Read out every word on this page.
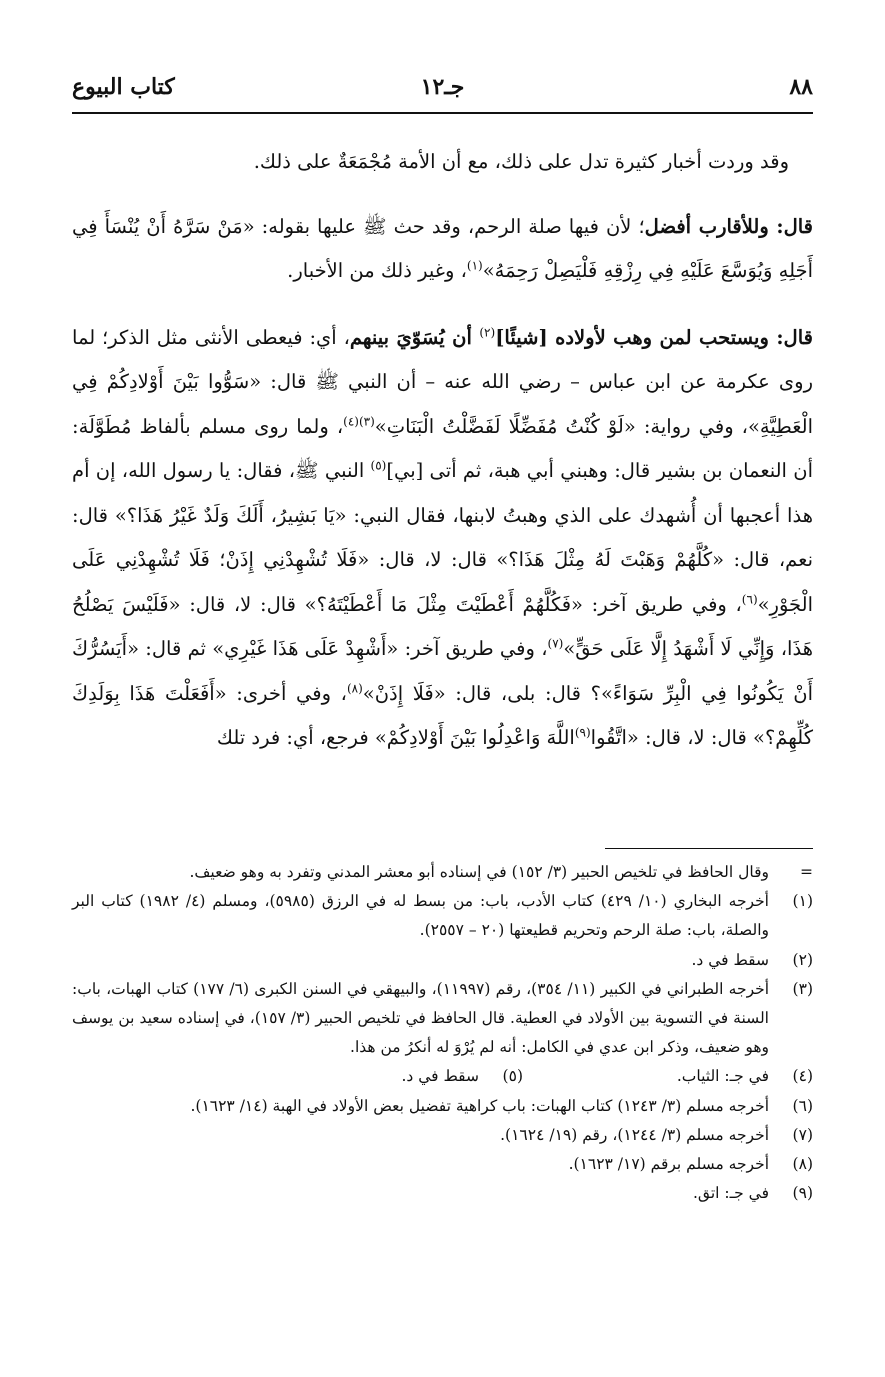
٨٨
جـ١٢
كتاب البيوع

وقد وردت أخبار كثيرة تدل على ذلك، مع أن الأمة مُجْمَعَةٌ على ذلك.

قال: وللأقارب أفضل؛ لأن فيها صلة الرحم، وقد حث ﷺ عليها بقوله: «مَنْ سَرَّهُ أَنْ يُنْسَأَ فِي أَجَلِهِ وَيُوَسَّعَ عَلَيْهِ فِي رِزْقِهِ فَلْيَصِلْ رَحِمَهُ»$^{(١)}$، وغير ذلك من الأخبار.

قال: ويستحب لمن وهب لأولاده [شيئًا]$^{(٢)}$ أن يُسَوّيَ بينهم، أي: فيعطى الأنثى مثل الذكر؛ لما روى عكرمة عن ابن عباس – رضي الله عنه – أن النبي ﷺ قال: «سَوُّوا بَيْنَ أَوْلادِكُمْ فِي الْعَطِيَّةِ»، وفي رواية: «لَوْ كُنْتُ مُفَضِّلًا لَفَضَّلْتُ الْبَنَاتِ»$^{(٣)(٤)}$، ولما روى مسلم بألفاظ مُطَوَّلَة: أن النعمان بن بشير قال: وهبني أبي هبة، ثم أتى [بي]$^{(٥)}$ النبي ﷺ، فقال: يا رسول الله، إن أم هذا أعجبها أن أُشهدك على الذي وهبتُ لابنها، فقال النبي: «يَا بَشِيرُ، أَلَكَ وَلَدٌ غَيْرُ هَذَا؟» قال: نعم، قال: «كُلَّهُمْ وَهَبْتَ لَهُ مِثْلَ هَذَا؟» قال: لا، قال: «فَلَا تُشْهِدْنِي إِذَنْ؛ فَلَا تُشْهِدْنِي عَلَى الْجَوْرِ»$^{(٦)}$، وفي طريق آخر: «فَكُلَّهُمْ أَعْطَيْتَ مِثْلَ مَا أَعْطَيْتَهُ؟» قال: لا، قال: «فَلَيْسَ يَصْلُحُ هَذَا، وَإِنِّي لَا أَشْهَدُ إِلَّا عَلَى حَقٍّ»$^{(٧)}$، وفي طريق آخر: «أَشْهِدْ عَلَى هَذَا غَيْرِي» ثم قال: «أَيَسُرُّكَ أَنْ يَكُونُوا فِي الْبِرِّ سَوَاءً»؟ قال: بلى، قال: «فَلَا إِذَنْ»$^{(٨)}$، وفي أخرى: «أَفَعَلْتَ هَذَا بِوَلَدِكَ كُلِّهِمْ؟» قال: لا، قال: «اتَّقُوا$^{(٩)}$اللَّهَ وَاعْدِلُوا بَيْنَ أَوْلادِكُمْ» فرجع، أي: فرد تلك

=
وقال الحافظ في تلخيص الحبير (٣/ ١٥٢) في إسناده أبو معشر المدني وتفرد به وهو ضعيف.
(١)
أخرجه البخاري (١٠/ ٤٢٩) كتاب الأدب، باب: من بسط له في الرزق (٥٩٨٥)، ومسلم (٤/ ١٩٨٢) كتاب البر والصلة، باب: صلة الرحم وتحريم قطيعتها (٢٠ – ٢٥٥٧).
(٢)
سقط في د.
(٣)
أخرجه الطبراني في الكبير (١١/ ٣٥٤)، رقم (١١٩٩٧)، والبيهقي في السنن الكبرى (٦/ ١٧٧) كتاب الهبات، باب: السنة في التسوية بين الأولاد في العطية. قال الحافظ في تلخيص الحبير (٣/ ١٥٧)، في إسناده سعيد بن يوسف وهو ضعيف، وذكر ابن عدي في الكامل: أنه لم يُرْوَ له أنكرُ من هذا.
(٤)في جـ: الثياب.
(٥)سقط في د.
(٦)
أخرجه مسلم (٣/ ١٢٤٣) كتاب الهبات: باب كراهية تفضيل بعض الأولاد في الهبة (١٤/ ١٦٢٣).
(٧)
أخرجه مسلم (٣/ ١٢٤٤)، رقم (١٩/ ١٦٢٤).
(٨)
أخرجه مسلم برقم (١٧/ ١٦٢٣).
(٩)
في جـ: اتق.
